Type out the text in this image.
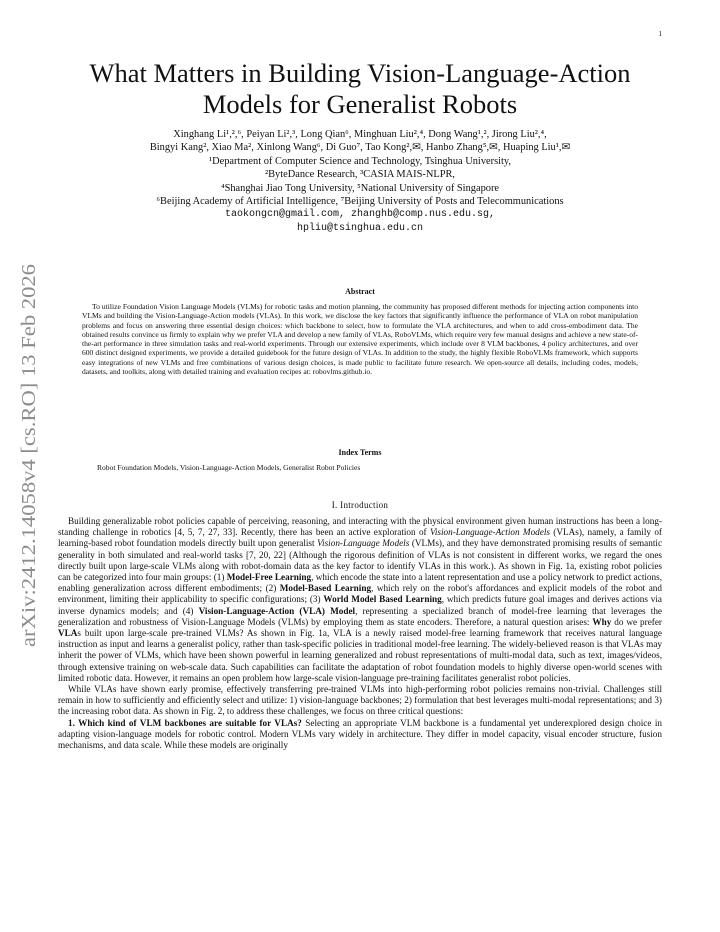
1
arXiv:2412.14058v4 [cs.RO] 13 Feb 2026
What Matters in Building Vision-Language-Action Models for Generalist Robots
Xinghang Li¹,²,⁶, Peiyan Li²,³, Long Qian⁶, Minghuan Liu²,⁴, Dong Wang¹,², Jirong Liu²,⁴,
Bingyi Kang², Xiao Ma², Xinlong Wang⁶, Di Guo⁷, Tao Kong²,✉, Hanbo Zhang⁵,✉, Huaping Liu¹,✉
¹Department of Computer Science and Technology, Tsinghua University,
²ByteDance Research, ³CASIA MAIS-NLPR,
⁴Shanghai Jiao Tong University, ⁵National University of Singapore
⁶Beijing Academy of Artificial Intelligence, ⁷Beijing University of Posts and Telecommunications
taokongcn@gmail.com, zhanghb@comp.nus.edu.sg,
hpliu@tsinghua.edu.cn
Abstract
To utilize Foundation Vision Language Models (VLMs) for robotic tasks and motion planning, the community has proposed different methods for injecting action components into VLMs and building the Vision-Language-Action models (VLAs). In this work, we disclose the key factors that significantly influence the performance of VLA on robot manipulation problems and focus on answering three essential design choices: which backbone to select, how to formulate the VLA architectures, and when to add cross-embodiment data. The obtained results convince us firmly to explain why we prefer VLA and develop a new family of VLAs, RoboVLMs, which require very few manual designs and achieve a new state-of-the-art performance in three simulation tasks and real-world experiments. Through our extensive experiments, which include over 8 VLM backbones, 4 policy architectures, and over 600 distinct designed experiments, we provide a detailed guidebook for the future design of VLAs. In addition to the study, the highly flexible RoboVLMs framework, which supports easy integrations of new VLMs and free combinations of various design choices, is made public to facilitate future research. We open-source all details, including codes, models, datasets, and toolkits, along with detailed training and evaluation recipes at: robovlms.github.io.
Index Terms
Robot Foundation Models, Vision-Language-Action Models, Generalist Robot Policies
I. Introduction

Building generalizable robot policies capable of perceiving, reasoning, and interacting with the physical environment given human instructions has been a long-standing challenge in robotics [4, 5, 7, 27, 33]. Recently, there has been an active exploration of Vision-Language-Action Models (VLAs), namely, a family of learning-based robot foundation models directly built upon generalist Vision-Language Models (VLMs), and they have demonstrated promising results of semantic generality in both simulated and real-world tasks [7, 20, 22] (Although the rigorous definition of VLAs is not consistent in different works, we regard the ones directly built upon large-scale VLMs along with robot-domain data as the key factor to identify VLAs in this work.). As shown in Fig. 1a, existing robot policies can be categorized into four main groups: (1) Model-Free Learning, which encode the state into a latent representation and use a policy network to predict actions, enabling generalization across different embodiments; (2) Model-Based Learning, which rely on the robot's affordances and explicit models of the robot and environment, limiting their applicability to specific configurations; (3) World Model Based Learning, which predicts future goal images and derives actions via inverse dynamics models; and (4) Vision-Language-Action (VLA) Model, representing a specialized branch of model-free learning that leverages the generalization and robustness of Vision-Language Models (VLMs) by employing them as state encoders. Therefore, a natural question arises: Why do we prefer VLAs built upon large-scale pre-trained VLMs? As shown in Fig. 1a, VLA is a newly raised model-free learning framework that receives natural language instruction as input and learns a generalist policy, rather than task-specific policies in traditional model-free learning. The widely-believed reason is that VLAs may inherit the power of VLMs, which have been shown powerful in learning generalized and robust representations of multi-modal data, such as text, images/videos, through extensive training on web-scale data. Such capabilities can facilitate the adaptation of robot foundation models to highly diverse open-world scenes with limited robotic data. However, it remains an open problem how large-scale vision-language pre-training facilitates generalist robot policies.

While VLAs have shown early promise, effectively transferring pre-trained VLMs into high-performing robot policies remains non-trivial. Challenges still remain in how to sufficiently and efficiently select and utilize: 1) vision-language backbones; 2) formulation that best leverages multi-modal representations; and 3) the increasing robot data. As shown in Fig. 2, to address these challenges, we focus on three critical questions:

1. Which kind of VLM backbones are suitable for VLAs? Selecting an appropriate VLM backbone is a fundamental yet underexplored design choice in adapting vision-language models for robotic control. Modern VLMs vary widely in architecture. They differ in model capacity, visual encoder structure, fusion mechanisms, and data scale. While these models are originally
